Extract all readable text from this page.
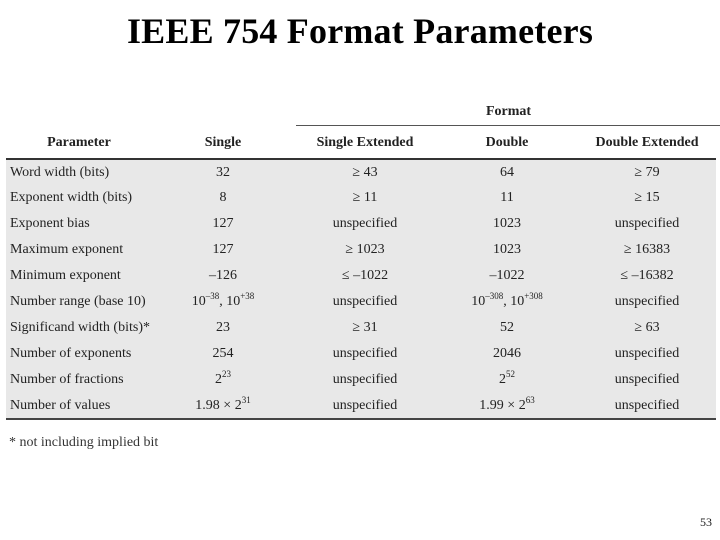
IEEE 754 Format Parameters
Format
Parameter	Single	Single Extended	Double	Double Extended
Word width (bits)	32	≥ 43	64	≥ 79
Exponent width (bits)	8	≥ 11	11	≥ 15
Exponent bias	127	unspecified	1023	unspecified
Maximum exponent	127	≥ 1023	1023	≥ 16383
Minimum exponent	–126	≤ –1022	–1022	≤ –16382
Number range (base 10)	$10^{-38}$, $10^{+38}$	unspecified	$10^{-308}$, $10^{+308}$	unspecified
Significand width (bits)*	23	≥ 31	52	≥ 63
Number of exponents	254	unspecified	2046	unspecified
Number of fractions	$2^{23}$	unspecified	$2^{52}$	unspecified
Number of values	$1.98 \times 2^{31}$	unspecified	$1.99 \times 2^{63}$	unspecified
* not including implied bit
53
